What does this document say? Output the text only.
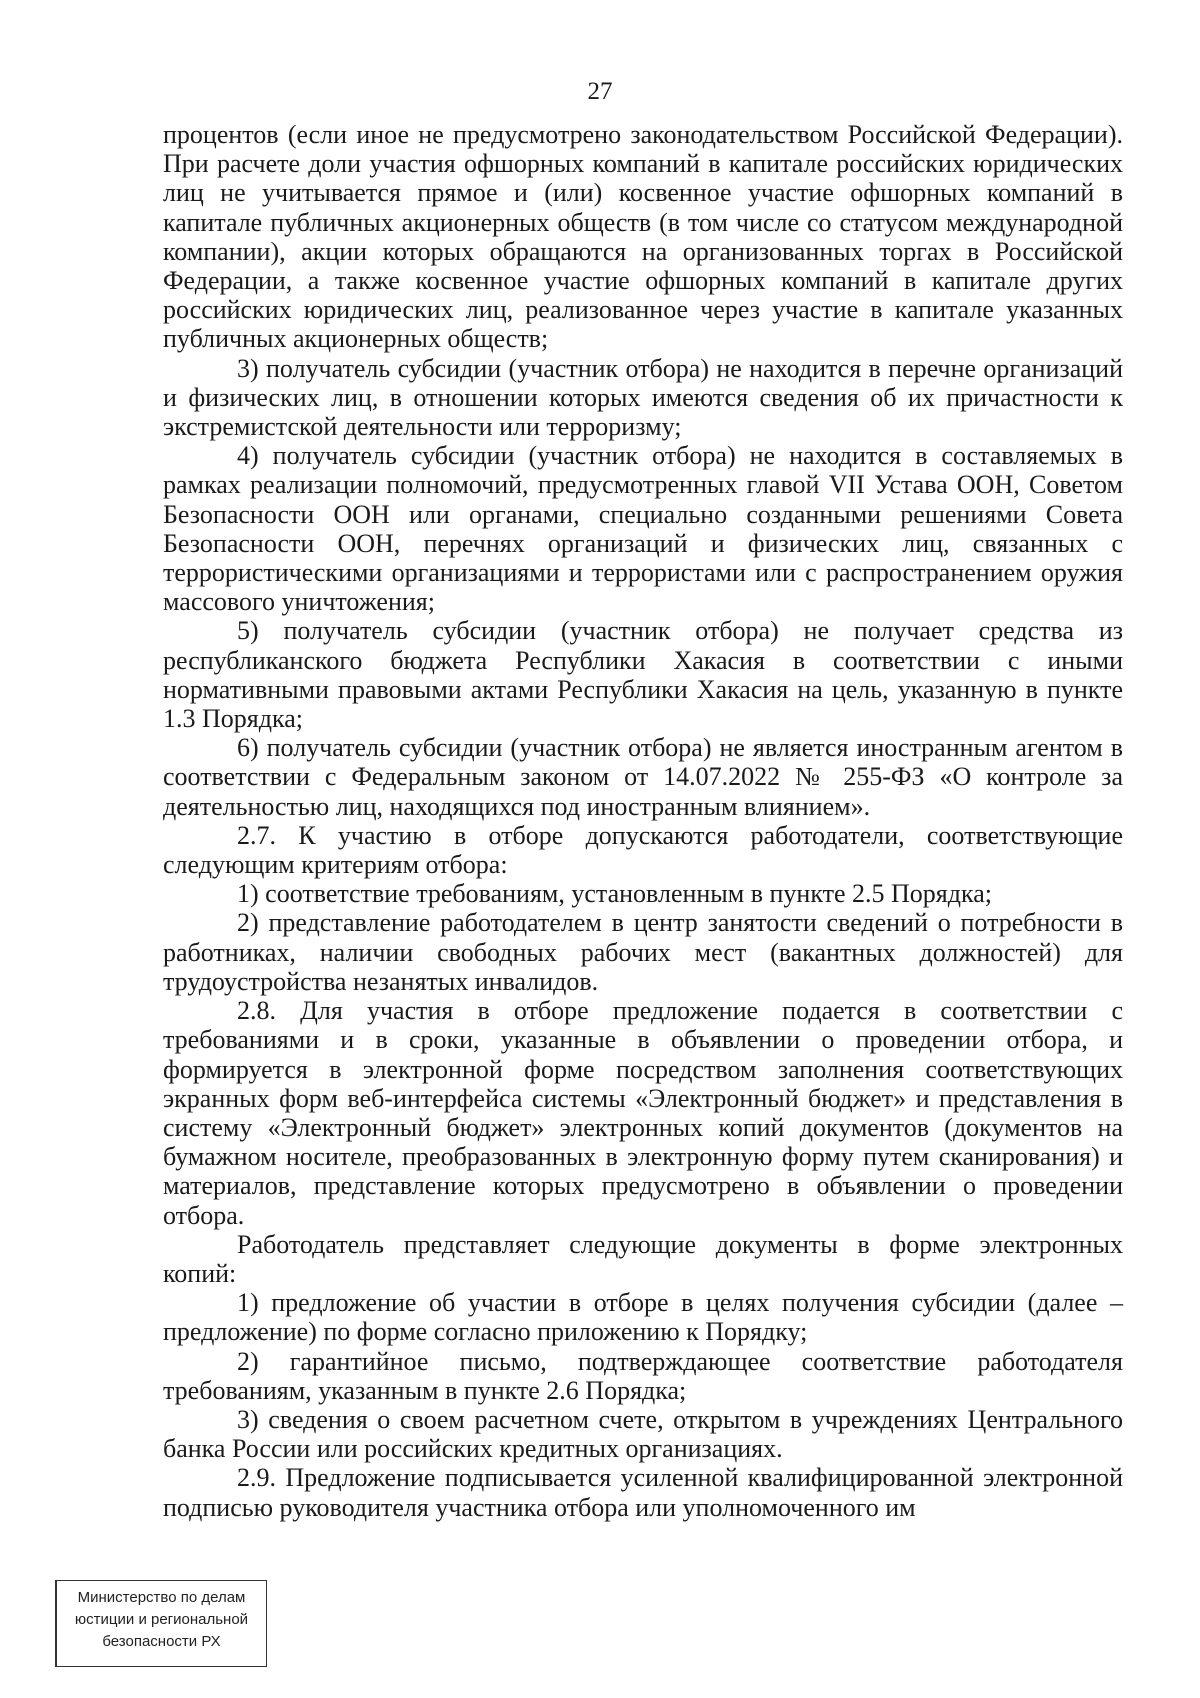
27

процентов (если иное не предусмотрено законодательством Российской Федерации). При расчете доли участия офшорных компаний в капитале российских юридических лиц не учитывается прямое и (или) косвенное участие офшорных компаний в капитале публичных акционерных обществ (в том числе со статусом международной компании), акции которых обращаются на организованных торгах в Российской Федерации, а также косвенное участие офшорных компаний в капитале других российских юридических лиц, реализованное через участие в капитале указанных публичных акционерных обществ;

3) получатель субсидии (участник отбора) не находится в перечне организаций и физических лиц, в отношении которых имеются сведения об их причастности к экстремистской деятельности или терроризму;

4) получатель субсидии (участник отбора) не находится в составляемых в рамках реализации полномочий, предусмотренных главой VII Устава ООН, Советом Безопасности ООН или органами, специально созданными решениями Совета Безопасности ООН, перечнях организаций и физических лиц, связанных с террористическими организациями и террористами или с распространением оружия массового уничтожения;

5) получатель субсидии (участник отбора) не получает средства из республиканского бюджета Республики Хакасия в соответствии с иными нормативными правовыми актами Республики Хакасия на цель, указанную в пункте 1.3 Порядка;

6) получатель субсидии (участник отбора) не является иностранным агентом в соответствии с Федеральным законом от 14.07.2022 № 255-ФЗ «О контроле за деятельностью лиц, находящихся под иностранным влиянием».

2.7. К участию в отборе допускаются работодатели, соответствующие следующим критериям отбора:

1) соответствие требованиям, установленным в пункте 2.5 Порядка;

2) представление работодателем в центр занятости сведений о потребности в работниках, наличии свободных рабочих мест (вакантных должностей) для трудоустройства незанятых инвалидов.

2.8. Для участия в отборе предложение подается в соответствии с требованиями и в сроки, указанные в объявлении о проведении отбора, и формируется в электронной форме посредством заполнения соответствующих экранных форм веб-интерфейса системы «Электронный бюджет» и представления в систему «Электронный бюджет» электронных копий документов (документов на бумажном носителе, преобразованных в электронную форму путем сканирования) и материалов, представление которых предусмотрено в объявлении о проведении отбора.

Работодатель представляет следующие документы в форме электронных копий:

1) предложение об участии в отборе в целях получения субсидии (далее – предложение) по форме согласно приложению к Порядку;

2) гарантийное письмо, подтверждающее соответствие работодателя требованиям, указанным в пункте 2.6 Порядка;

3) сведения о своем расчетном счете, открытом в учреждениях Центрального банка России или российских кредитных организациях.

2.9. Предложение подписывается усиленной квалифицированной электронной подписью руководителя участника отбора или уполномоченного им

Министерство по делам
юстиции и региональной
безопасности РХ
